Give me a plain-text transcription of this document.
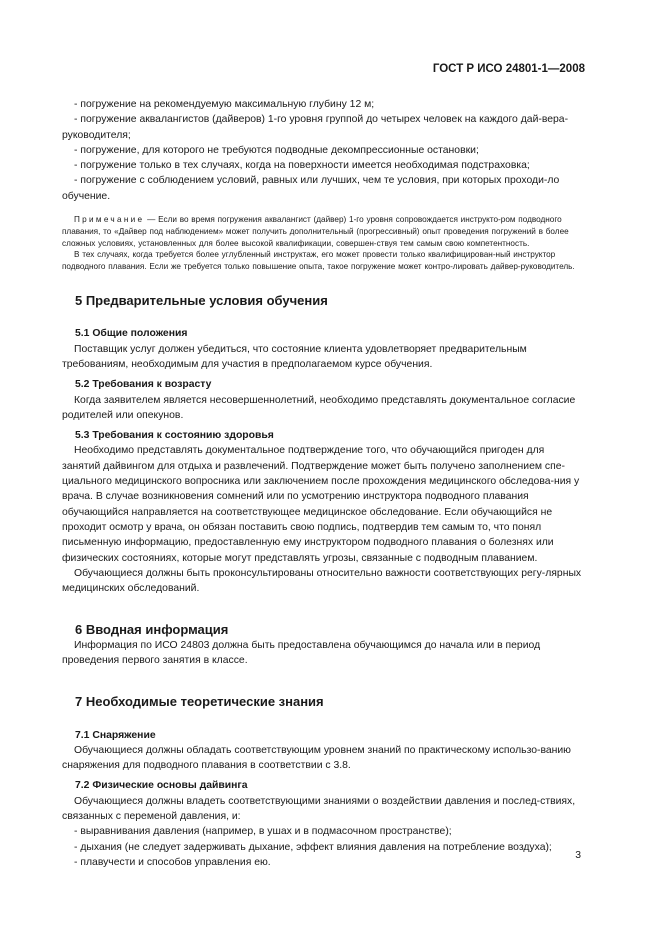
ГОСТ Р ИСО 24801-1—2008

- погружение на рекомендуемую максимальную глубину 12 м;

- погружение аквалангистов (дайверов) 1-го уровня группой до четырех человек на каждого дай-вера-руководителя;

- погружение, для которого не требуются подводные декомпрессионные остановки;

- погружение только в тех случаях, когда на поверхности имеется необходимая подстраховка;

- погружение с соблюдением условий, равных или лучших, чем те условия, при которых проходи-ло обучение.

Примечание — Если во время погружения аквалангист (дайвер) 1-го уровня сопровождается инструкто-ром подводного плавания, то «Дайвер под наблюдением» может получить дополнительный (прогрессивный) опыт проведения погружений в более сложных условиях, установленных для более высокой квалификации, совершен-ствуя тем самым свою компетентность.

В тех случаях, когда требуется более углубленный инструктаж, его может провести только квалифицирован-ный инструктор подводного плавания. Если же требуется только повышение опыта, такое погружение может контро-лировать дайвер-руководитель.

5 Предварительные условия обучения
5.1 Общие положения

Поставщик услуг должен убедиться, что состояние клиента удовлетворяет предварительным требованиям, необходимым для участия в предполагаемом курсе обучения.

5.2 Требования к возрасту

Когда заявителем является несовершеннолетний, необходимо представлять документальное согласие родителей или опекунов.

5.3 Требования к состоянию здоровья

Необходимо представлять документальное подтверждение того, что обучающийся пригоден для занятий дайвингом для отдыха и развлечений. Подтверждение может быть получено заполнением спе-циального медицинского вопросника или заключением после прохождения медицинского обследова-ния у врача. В случае возникновения сомнений или по усмотрению инструктора подводного плавания обучающийся направляется на соответствующее медицинское обследование. Если обучающийся не проходит осмотр у врача, он обязан поставить свою подпись, подтвердив тем самым то, что понял письменную информацию, предоставленную ему инструктором подводного плавания о болезнях или физических состояниях, которые могут представлять угрозы, связанные с подводным плаванием.

Обучающиеся должны быть проконсультированы относительно важности соответствующих регу-лярных медицинских обследований.

6 Вводная информация

Информация по ИСО 24803 должна быть предоставлена обучающимся до начала или в период проведения первого занятия в классе.

7 Необходимые теоретические знания
7.1 Снаряжение

Обучающиеся должны обладать соответствующим уровнем знаний по практическому использо-ванию снаряжения для подводного плавания в соответствии с 3.8.

7.2 Физические основы дайвинга

Обучающиеся должны владеть соответствующими знаниями о воздействии давления и послед-ствиях, связанных с переменой давления, и:

- выравнивания давления (например, в ушах и в подмасочном пространстве);

- дыхания (не следует задерживать дыхание, эффект влияния давления на потребление воздуха);

- плавучести и способов управления ею.

3
